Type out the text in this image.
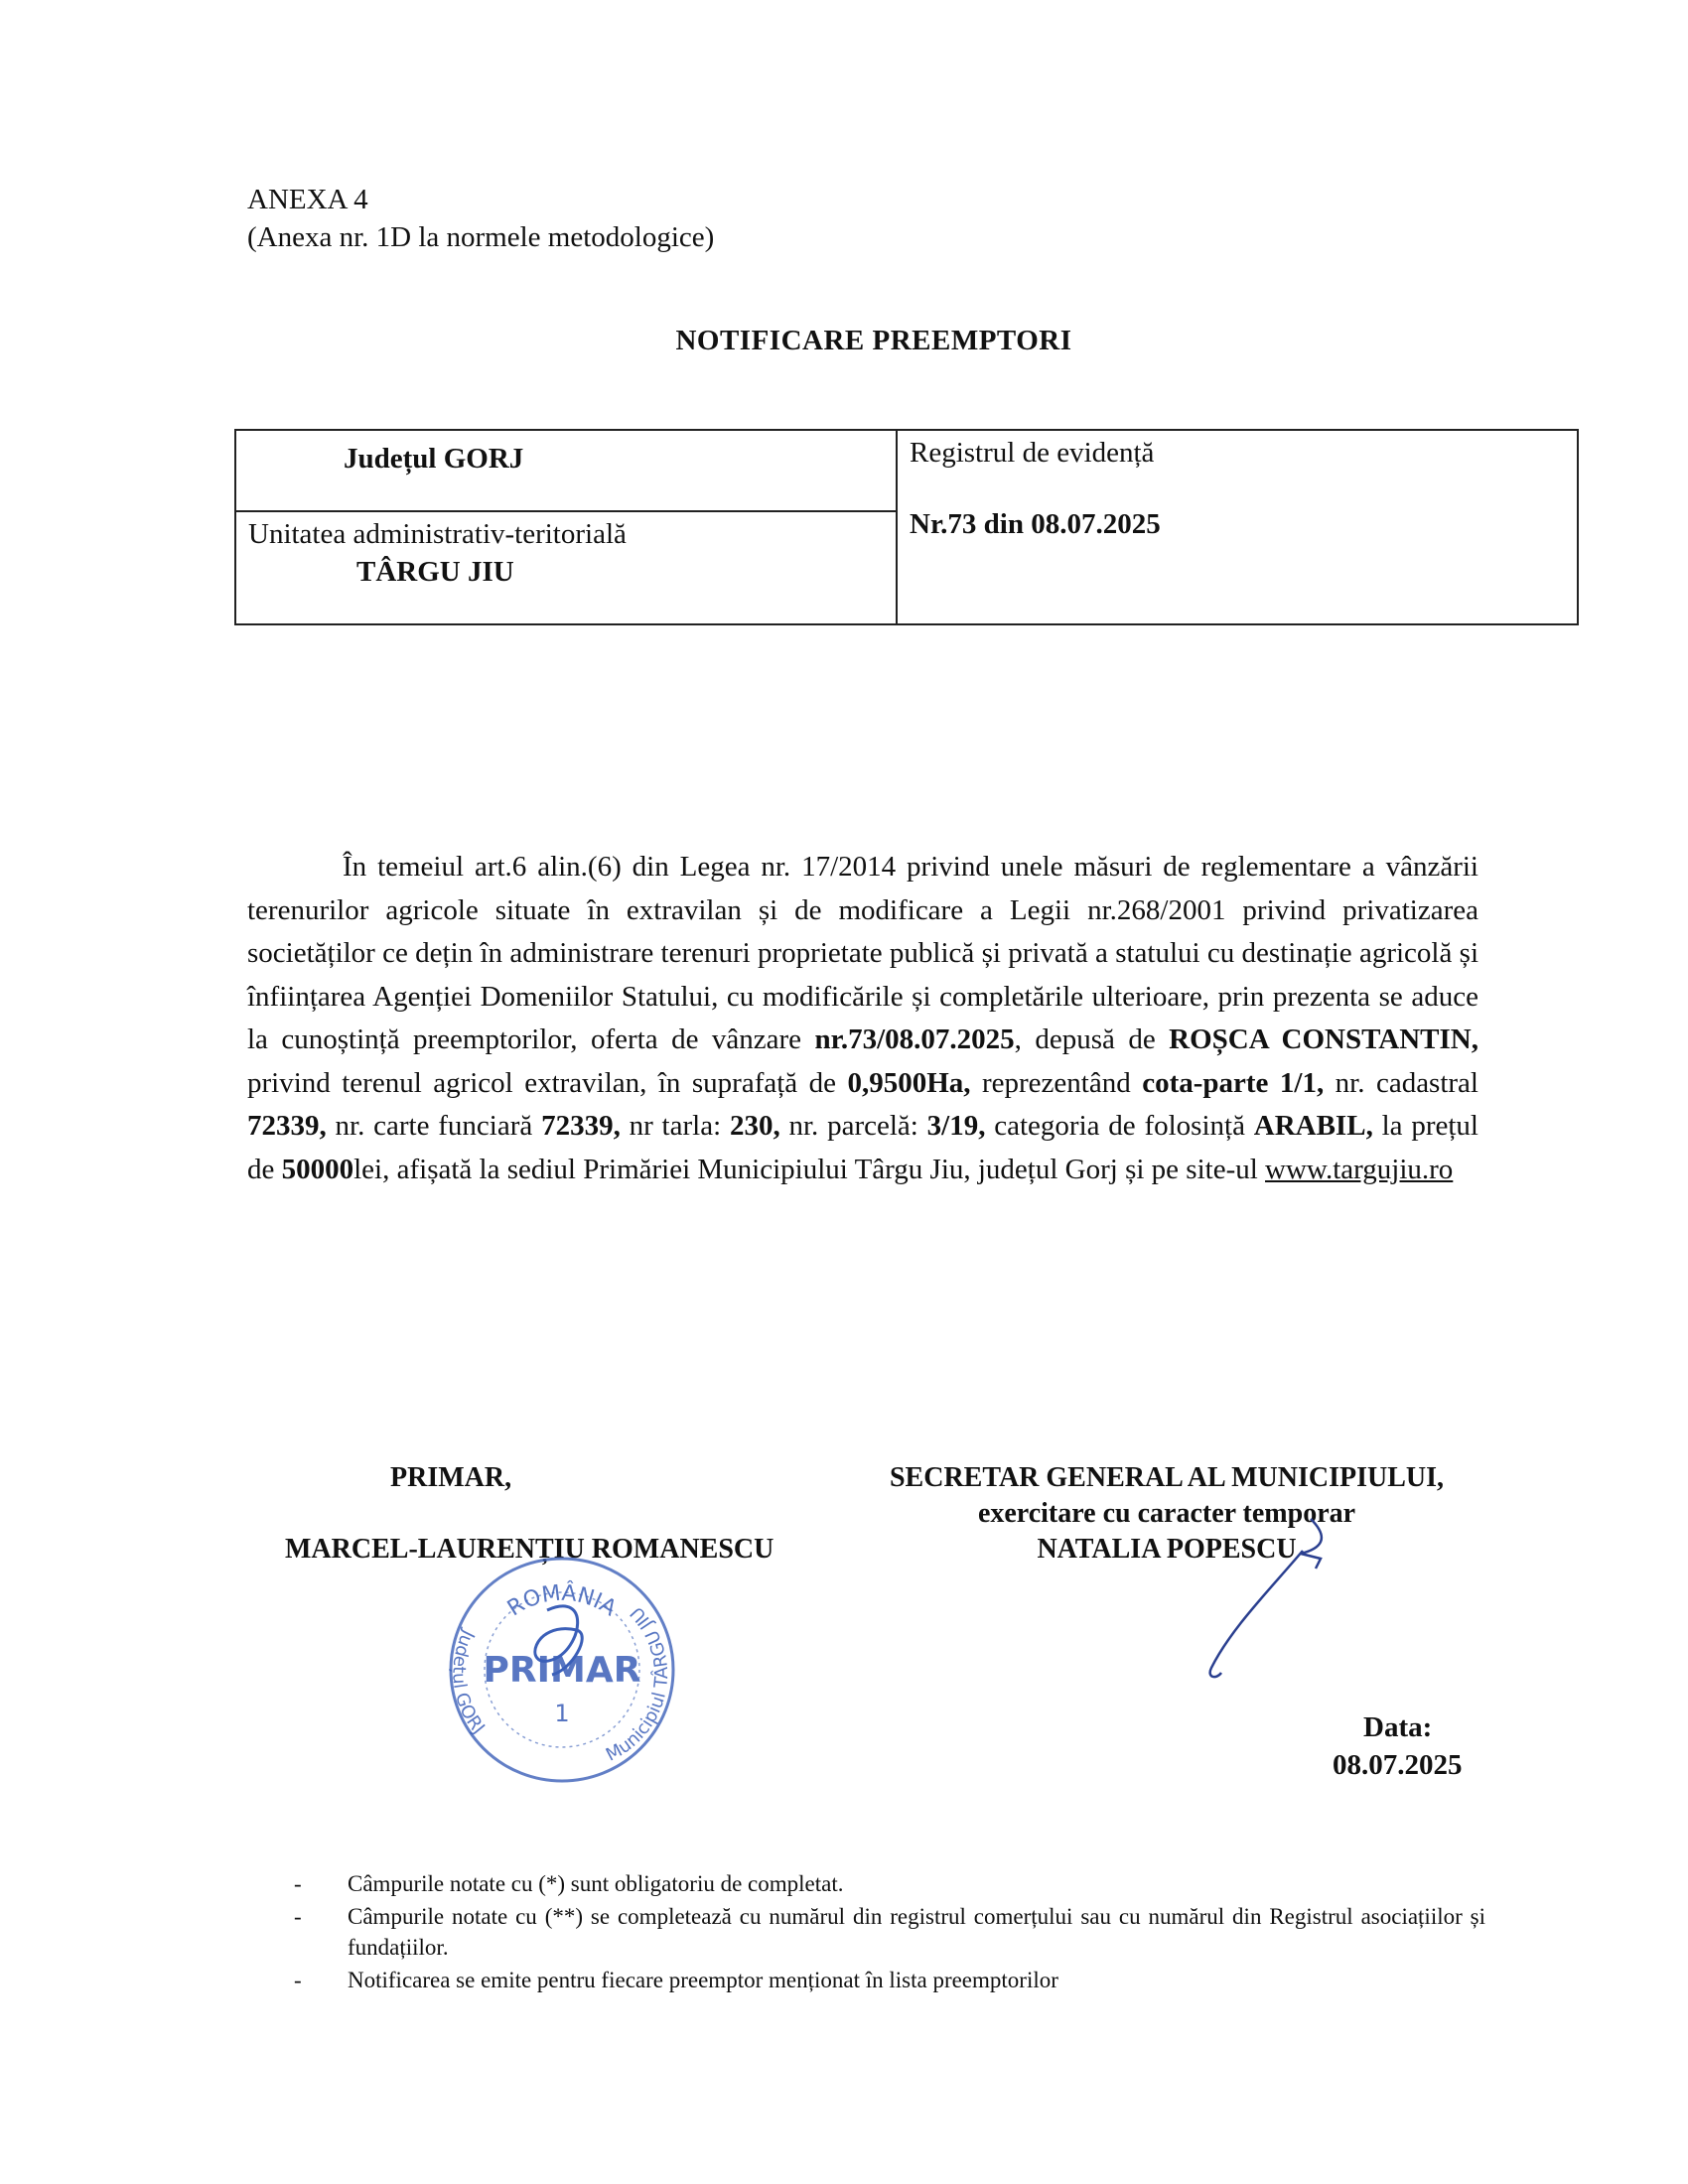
ANEXA 4
(Anexa nr. 1D la normele metodologice)
NOTIFICARE PREEMPTORI
Județul GORJ
Unitatea administrativ-teritorială
TÂRGU JIU
Registrul de evidență
Nr.73 din 08.07.2025
În temeiul art.6 alin.(6) din Legea nr. 17/2014 privind unele măsuri de reglementare a vânzării terenurilor agricole situate în extravilan și de modificare a Legii nr.268/2001 privind privatizarea societăților ce dețin în administrare terenuri proprietate publică și privată a statului cu destinație agricolă și înființarea Agenției Domeniilor Statului, cu modificările și completările ulterioare, prin prezenta se aduce la cunoștință preemptorilor, oferta de vânzare nr.73/08.07.2025, depusă de ROȘCA CONSTANTIN, privind terenul agricol extravilan, în suprafață de 0,9500Ha, reprezentând cota-parte 1/1, nr. cadastral 72339, nr. carte funciară 72339, nr tarla: 230, nr. parcelă: 3/19, categoria de folosință ARABIL, la prețul de 50000lei, afișată la sediul Primăriei Municipiului Târgu Jiu, județul Gorj și pe site-ul www.targujiu.ro
PRIMAR,
MARCEL-LAURENȚIU ROMANESCU
SECRETAR GENERAL AL MUNICIPIULUI,
exercitare cu caracter temporar
NATALIA POPESCU
ROMÂNIA
Județul GORJ
Municipiul TÂRGU JIU
PRIMAR
1	Data:
08.07.2025
- Câmpurile notate cu (*) sunt obligatoriu de completat.
- Câmpurile notate cu (**) se completează cu numărul din registrul comerțului sau cu numărul din Registrul asociațiilor și fundațiilor.
- Notificarea se emite pentru fiecare preemptor menționat în lista preemptorilor
